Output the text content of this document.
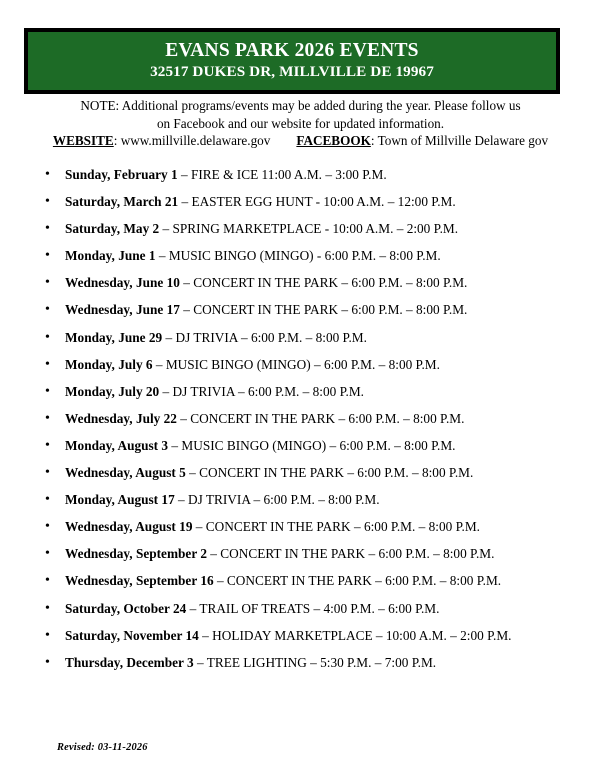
EVANS PARK 2026 EVENTS
32517 DUKES DR, MILLVILLE DE 19967
NOTE: Additional programs/events may be added during the year. Please follow us
on Facebook and our website for updated information.
WEBSITE: www.millville.delaware.gov FACEBOOK: Town of Millville Delaware gov
•	Sunday, February 1 – FIRE & ICE 11:00 A.M. – 3:00 P.M.
•	Saturday, March 21 – EASTER EGG HUNT - 10:00 A.M. – 12:00 P.M.
•	Saturday, May 2 – SPRING MARKETPLACE - 10:00 A.M. – 2:00 P.M.
•	Monday, June 1 – MUSIC BINGO (MINGO) - 6:00 P.M. – 8:00 P.M.
•	Wednesday, June 10 – CONCERT IN THE PARK – 6:00 P.M. – 8:00 P.M.
•	Wednesday, June 17 – CONCERT IN THE PARK – 6:00 P.M. – 8:00 P.M.
•	Monday, June 29 – DJ TRIVIA – 6:00 P.M. – 8:00 P.M.
•	Monday, July 6 – MUSIC BINGO (MINGO) – 6:00 P.M. – 8:00 P.M.
•	Monday, July 20 – DJ TRIVIA – 6:00 P.M. – 8:00 P.M.
•	Wednesday, July 22 – CONCERT IN THE PARK – 6:00 P.M. – 8:00 P.M.
•	Monday, August 3 – MUSIC BINGO (MINGO) – 6:00 P.M. – 8:00 P.M.
•	Wednesday, August 5 – CONCERT IN THE PARK – 6:00 P.M. – 8:00 P.M.
•	Monday, August 17 – DJ TRIVIA – 6:00 P.M. – 8:00 P.M.
•	Wednesday, August 19 – CONCERT IN THE PARK – 6:00 P.M. – 8:00 P.M.
•	Wednesday, September 2 – CONCERT IN THE PARK – 6:00 P.M. – 8:00 P.M.
•	Wednesday, September 16 – CONCERT IN THE PARK – 6:00 P.M. – 8:00 P.M.
•	Saturday, October 24 – TRAIL OF TREATS – 4:00 P.M. – 6:00 P.M.
•	Saturday, November 14 – HOLIDAY MARKETPLACE – 10:00 A.M. – 2:00 P.M.
•	Thursday, December 3 – TREE LIGHTING – 5:30 P.M. – 7:00 P.M.
Revised: 03-11-2026
